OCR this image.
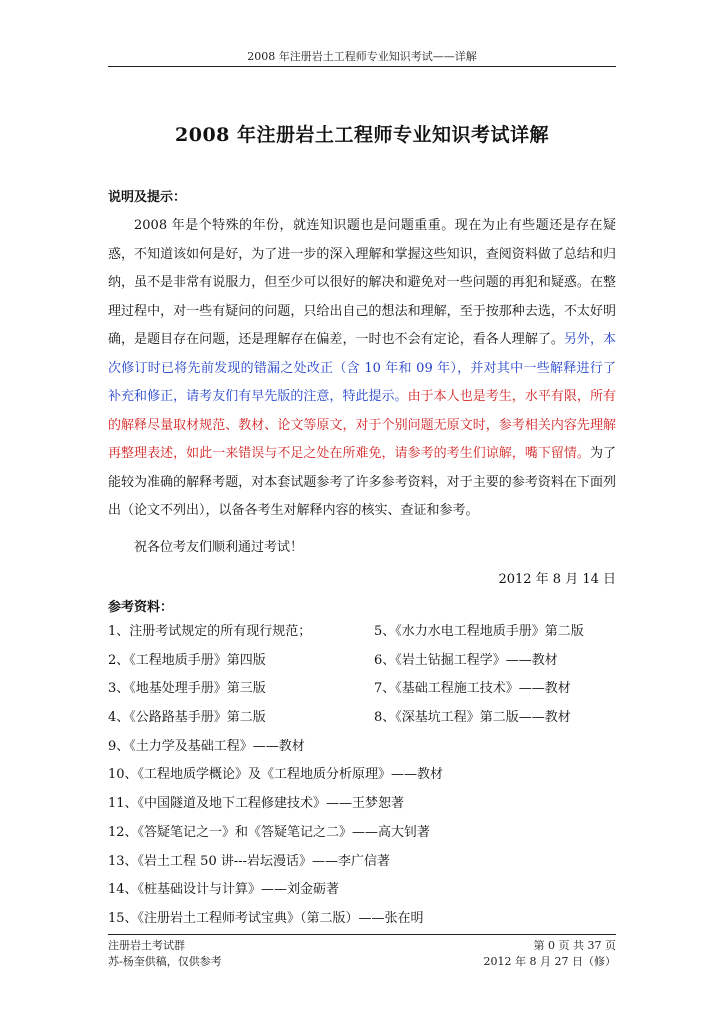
2008 年注册岩土工程师专业知识考试——详解
2008 年注册岩土工程师专业知识考试详解
说明及提示：
2008 年是个特殊的年份，就连知识题也是问题重重。现在为止有些题还是存在疑惑，不知道该如何是好，为了进一步的深入理解和掌握这些知识，查阅资料做了总结和归纳，虽不是非常有说服力，但至少可以很好的解决和避免对一些问题的再犯和疑惑。在整理过程中，对一些有疑问的问题，只给出自己的想法和理解，至于按那种去选，不太好明确，是题目存在问题，还是理解存在偏差，一时也不会有定论，看各人理解了。另外，本次修订时已将先前发现的错漏之处改正（含 10 年和 09 年），并对其中一些解释进行了补充和修正，请考友们有早先版的注意，特此提示。由于本人也是考生，水平有限，所有的解释尽量取材规范、教材、论文等原文，对于个别问题无原文时，参考相关内容先理解再整理表述，如此一来错误与不足之处在所难免，请参考的考生们谅解，嘴下留情。为了能较为准确的解释考题，对本套试题参考了许多参考资料，对于主要的参考资料在下面列出（论文不列出），以备各考生对解释内容的核实、查证和参考。
祝各位考友们顺利通过考试！
2012 年 8 月 14 日
参考资料：
1、注册考试规定的所有现行规范；	5、《水力水电工程地质手册》第二版
2、《工程地质手册》第四版	6、《岩土钻掘工程学》——教材
3、《地基处理手册》第三版	7、《基础工程施工技术》——教材
4、《公路路基手册》第二版	8、《深基坑工程》第二版——教材
9、《土力学及基础工程》——教材
10、《工程地质学概论》及《工程地质分析原理》——教材
11、《中国隧道及地下工程修建技术》——王梦恕著
12、《答疑笔记之一》和《答疑笔记之二》——高大钊著
13、《岩土工程 50 讲---岩坛漫话》——李广信著
14、《桩基础设计与计算》——刘金砺著
15、《注册岩土工程师考试宝典》（第二版）——张在明
注册岩土考试群	第 0 页 共 37 页
苏-杨奎供稿，仅供参考	2012 年 8 月 27 日（修）
